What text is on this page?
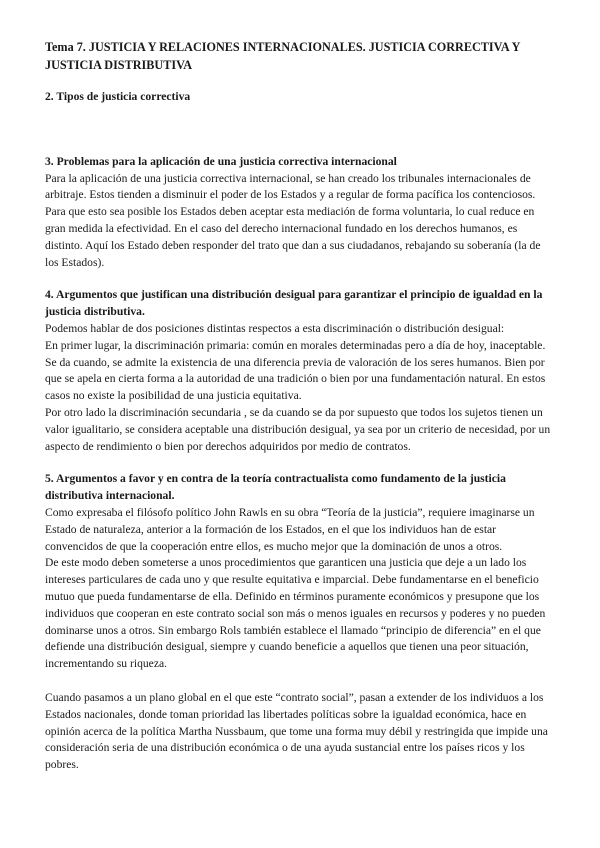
Tema 7. JUSTICIA Y RELACIONES INTERNACIONALES. JUSTICIA CORRECTIVA Y JUSTICIA DISTRIBUTIVA
2. Tipos de justicia correctiva
3. Problemas para la aplicación de una justicia correctiva internacional

Para la aplicación de una justicia correctiva internacional, se han creado los tribunales internacionales de arbitraje. Estos tienden a disminuir el poder de los Estados y a regular de forma pacífica los contenciosos. Para que esto sea posible los Estados deben aceptar esta mediación de forma voluntaria, lo cual reduce en gran medida la efectividad. En el caso del derecho internacional fundado en los derechos humanos, es distinto. Aquí los Estado deben responder del trato que dan a sus ciudadanos, rebajando su soberanía (la de los Estados).

4. Argumentos que justifican una distribución desigual para garantizar el principio de igualdad en la justicia distributiva.

Podemos hablar de dos posiciones distintas respectos a esta discriminación o distribución desigual:

En primer lugar, la discriminación primaria: común en morales determinadas pero a día de hoy, inaceptable. Se da cuando, se admite la existencia de una diferencia previa de valoración de los seres humanos. Bien por que se apela en cierta forma a la autoridad de una tradición o bien por una fundamentación natural. En estos casos no existe la posibilidad de una justicia equitativa.

Por otro lado la discriminación secundaria , se da cuando se da por supuesto que todos los sujetos tienen un valor igualitario, se considera aceptable una distribución desigual, ya sea por un criterio de necesidad, por un aspecto de rendimiento o bien por derechos adquiridos por medio de contratos.

5. Argumentos a favor y en contra de la teoría contractualista como fundamento de la justicia distributiva internacional.

Como expresaba el filósofo político John Rawls en su obra “Teoría de la justicia”, requiere imaginarse un Estado de naturaleza, anterior a la formación de los Estados, en el que los individuos han de estar convencidos de que la cooperación entre ellos, es mucho mejor que la dominación de unos a otros.

De este modo deben someterse a unos procedimientos que garanticen una justicia que deje a un lado los intereses particulares de cada uno y que resulte equitativa e imparcial. Debe fundamentarse en el beneficio mutuo que pueda fundamentarse de ella. Definido en términos puramente económicos y presupone que los individuos que cooperan en este contrato social son más o menos iguales en recursos y poderes y no pueden dominarse unos a otros. Sin embargo Rols también establece el llamado “principio de diferencia” en el que defiende una distribución desigual, siempre y cuando beneficie a aquellos que tienen una peor situación, incrementando su riqueza.

Cuando pasamos a un plano global en el que este “contrato social”, pasan a extender de los individuos a los Estados nacionales, donde toman prioridad las libertades políticas sobre la igualdad económica, hace en opinión acerca de la política Martha Nussbaum, que tome una forma muy débil y restringida que impide una consideración seria de una distribución económica o de una ayuda sustancial entre los países ricos y los pobres.
